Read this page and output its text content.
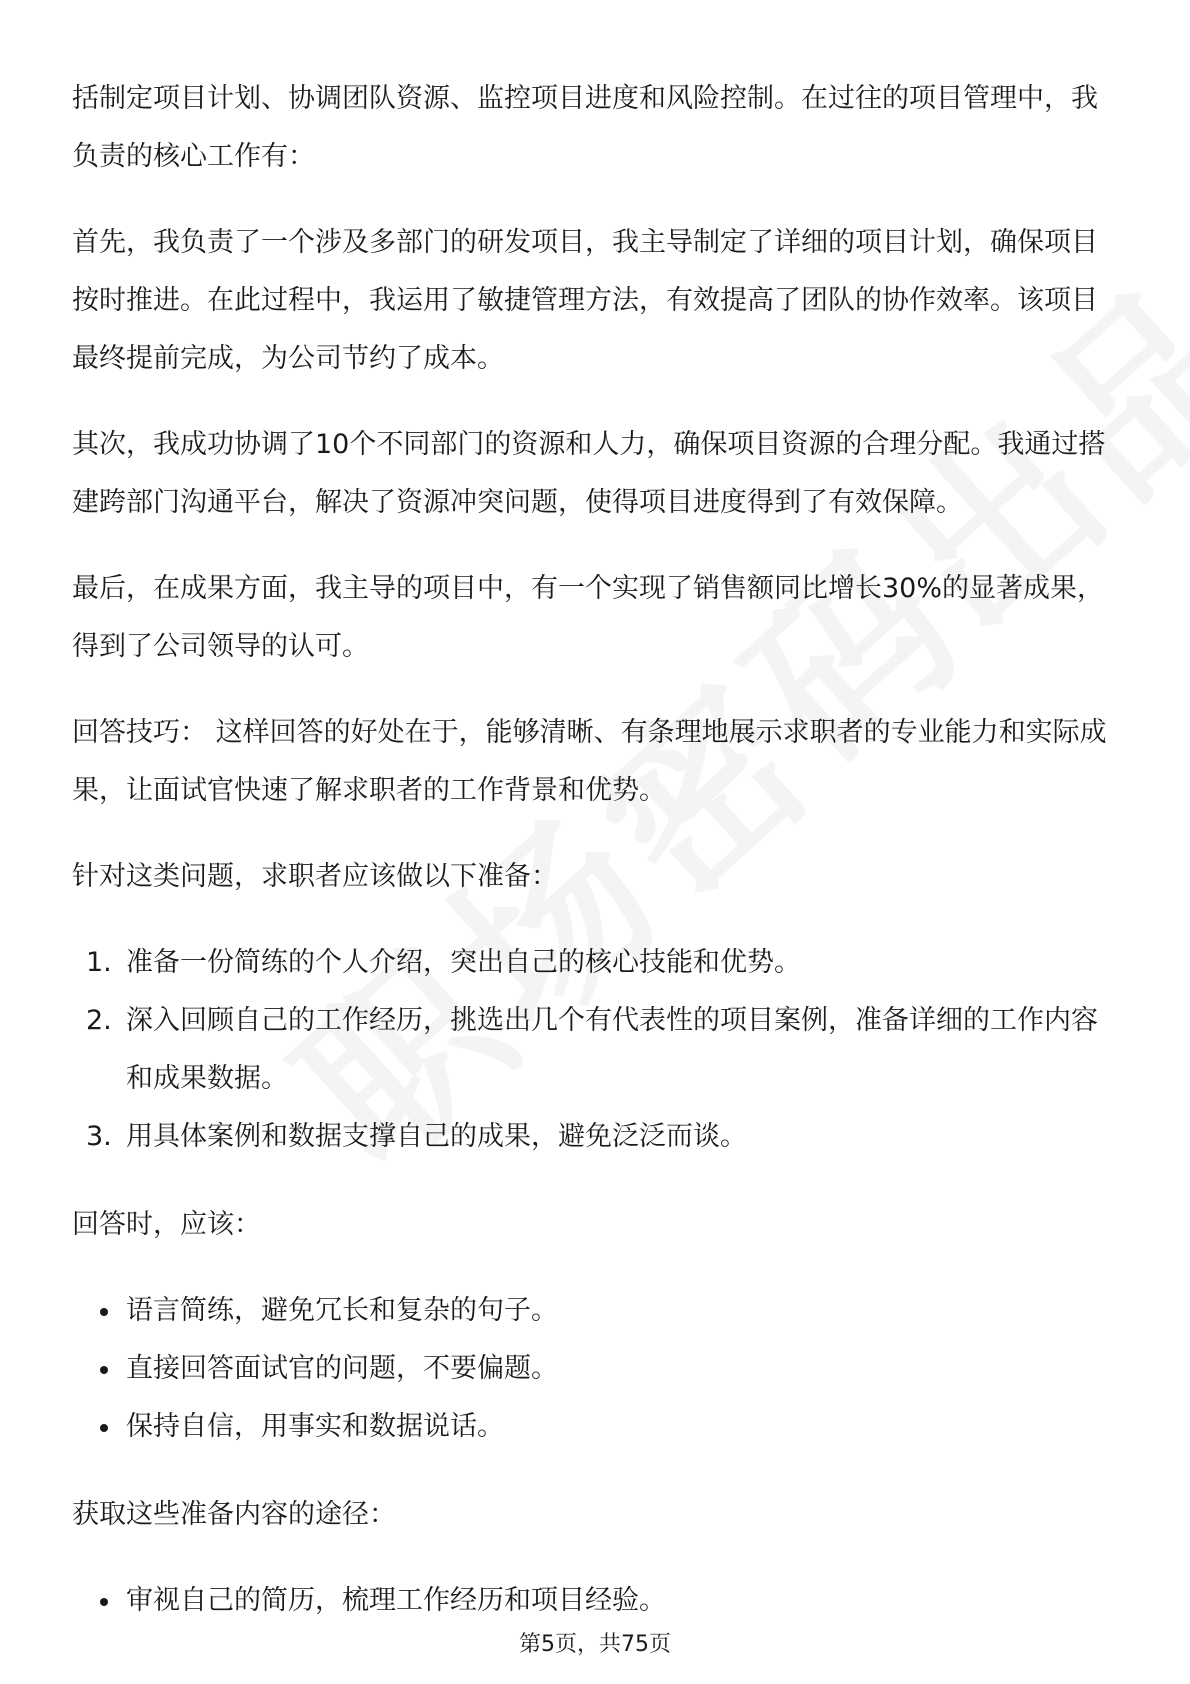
括制定项目计划、协调团队资源、监控项目进度和风险控制。在过往的项目管理中，我负责的核心工作有：

首先，我负责了一个涉及多部门的研发项目，我主导制定了详细的项目计划，确保项目按时推进。在此过程中，我运用了敏捷管理方法，有效提高了团队的协作效率。该项目最终提前完成，为公司节约了成本。

其次，我成功协调了10个不同部门的资源和人力，确保项目资源的合理分配。我通过搭建跨部门沟通平台，解决了资源冲突问题，使得项目进度得到了有效保障。

最后，在成果方面，我主导的项目中，有一个实现了销售额同比增长30%的显著成果，得到了公司领导的认可。

回答技巧： 这样回答的好处在于，能够清晰、有条理地展示求职者的专业能力和实际成果，让面试官快速了解求职者的工作背景和优势。

针对这类问题，求职者应该做以下准备：

1. 准备一份简练的个人介绍，突出自己的核心技能和优势。
2. 深入回顾自己的工作经历，挑选出几个有代表性的项目案例，准备详细的工作内容和成果数据。
3. 用具体案例和数据支撑自己的成果，避免泛泛而谈。

回答时，应该：

语言简练，避免冗长和复杂的句子。
直接回答面试官的问题，不要偏题。
保持自信，用事实和数据说话。

获取这些准备内容的途径：

审视自己的简历，梳理工作经历和项目经验。
第5页，共75页
